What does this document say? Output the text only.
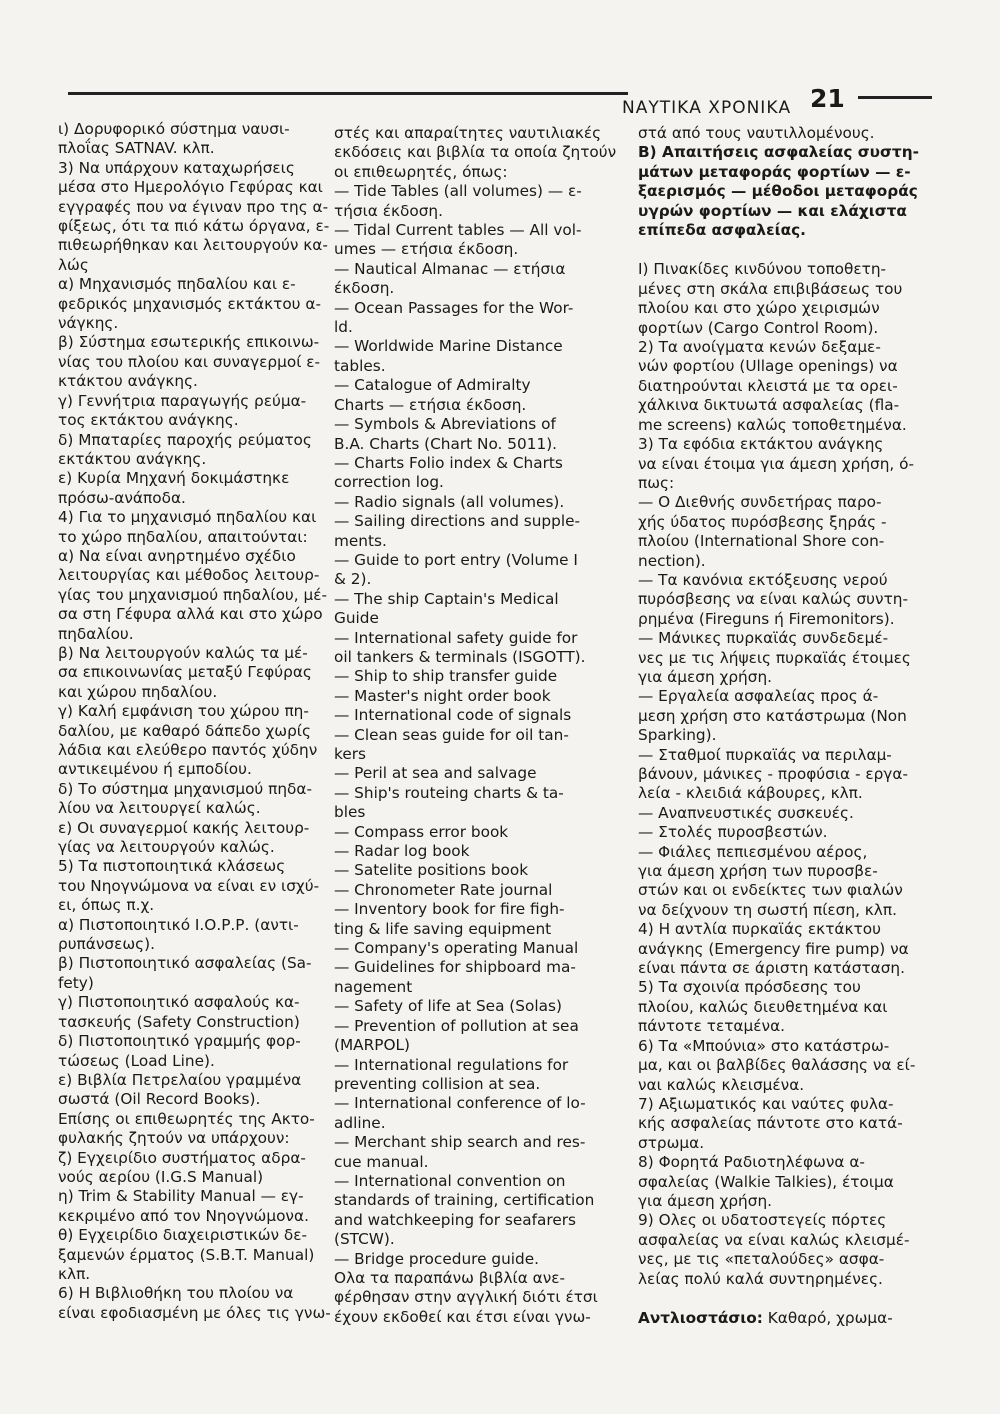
ΝΑΥΤΙΚΑ ΧΡΟΝΙΚΑ 21

ι) Δορυφορικό σύστημα ναυσι-

πλοΐας SATNAV. κλπ.

3) Να υπάρχουν καταχωρήσεις

μέσα στο Ημερολόγιο Γεφύρας και

εγγραφές που να έγιναν προ της α-

φίξεως, ότι τα πιό κάτω όργανα, ε-

πιθεωρήθηκαν και λειτουργούν κα-

λώς

α) Μηχανισμός πηδαλίου και ε-

φεδρικός μηχανισμός εκτάκτου α-

νάγκης.

β) Σύστημα εσωτερικής επικοινω-

νίας του πλοίου και συναγερμοί ε-

κτάκτου ανάγκης.

γ) Γεννήτρια παραγωγής ρεύμα-

τος εκτάκτου ανάγκης.

δ) Μπαταρίες παροχής ρεύματος

εκτάκτου ανάγκης.

ε) Κυρία Μηχανή δοκιμάστηκε

πρόσω-ανάποδα.

4) Για το μηχανισμό πηδαλίου και

το χώρο πηδαλίου, απαιτούνται:

α) Να είναι ανηρτημένο σχέδιο

λειτουργίας και μέθοδος λειτουρ-

γίας του μηχανισμού πηδαλίου, μέ-

σα στη Γέφυρα αλλά και στο χώρο

πηδαλίου.

β) Να λειτουργούν καλώς τα μέ-

σα επικοινωνίας μεταξύ Γεφύρας

και χώρου πηδαλίου.

γ) Καλή εμφάνιση του χώρου πη-

δαλίου, με καθαρό δάπεδο χωρίς

λάδια και ελεύθερο παντός χύδην

αντικειμένου ή εμποδίου.

δ) Το σύστημα μηχανισμού πηδα-

λίου να λειτουργεί καλώς.

ε) Οι συναγερμοί κακής λειτουρ-

γίας να λειτουργούν καλώς.

5) Τα πιστοποιητικά κλάσεως

του Νηογνώμονα να είναι εν ισχύ-

ει, όπως π.χ.

α) Πιστοποιητικό Ι.Ο.Ρ.Ρ. (αντι-

ρυπάνσεως).

β) Πιστοποιητικό ασφαλείας (Sa-

fety)

γ) Πιστοποιητικό ασφαλούς κα-

τασκευής (Safety Construction)

δ) Πιστοποιητικό γραμμής φορ-

τώσεως (Load Line).

ε) Βιβλία Πετρελαίου γραμμένα

σωστά (Oil Record Books).

Επίσης οι επιθεωρητές της Ακτο-

φυλακής ζητούν να υπάρχουν:

ζ) Εγχειρίδιο συστήματος αδρα-

νούς αερίου (I.G.S Manual)

η) Trim & Stability Manual — εγ-

κεκριμένο από τον Νηογνώμονα.

θ) Εγχειρίδιο διαχειριστικών δε-

ξαμενών έρματος (S.B.T. Manual)

κλπ.

6) Η Βιβλιοθήκη του πλοίου να

είναι εφοδιασμένη με όλες τις γνω-

στές και απαραίτητες ναυτιλιακές

εκδόσεις και βιβλία τα οποία ζητούν

οι επιθεωρητές, όπως:

— Tide Tables (all volumes) — ε-

τήσια έκδοση.

— Tidal Current tables — All vol-

umes — ετήσια έκδοση.

— Nautical Almanac — ετήσια

έκδοση.

— Ocean Passages for the Wor-

ld.

— Worldwide Marine Distance

tables.

— Catalogue of Admiralty

Charts — ετήσια έκδοση.

— Symbols & Abreviations of

B.A. Charts (Chart No. 5011).

— Charts Folio index & Charts

correction log.

— Radio signals (all volumes).

— Sailing directions and supple-

ments.

— Guide to port entry (Volume I

& 2).

— The ship Captain's Medical

Guide

— International safety guide for

oil tankers & terminals (ISGOTT).

— Ship to ship transfer guide

— Master's night order book

— International code of signals

— Clean seas guide for oil tan-

kers

— Peril at sea and salvage

— Ship's routeing charts & ta-

bles

— Compass error book

— Radar log book

— Satelite positions book

— Chronometer Rate journal

— Inventory book for fire figh-

ting & life saving equipment

— Company's operating Manual

— Guidelines for shipboard ma-

nagement

— Safety of life at Sea (Solas)

— Prevention of pollution at sea

(MARPOL)

— International regulations for

preventing collision at sea.

— International conference of lo-

adline.

— Merchant ship search and res-

cue manual.

— International convention on

standards of training, certification

and watchkeeping for seafarers

(STCW).

— Bridge procedure guide.

Ολα τα παραπάνω βιβλία ανε-

φέρθησαν στην αγγλική διότι έτσι

έχουν εκδοθεί και έτσι είναι γνω-

στά από τους ναυτιλλομένους.

Β) Απαιτήσεις ασφαλείας συστη-

μάτων μεταφοράς φορτίων — ε-

ξαερισμός — μέθοδοι μεταφοράς

υγρών φορτίων — και ελάχιστα

επίπεδα ασφαλείας.

Ι) Πινακίδες κινδύνου τοποθετη-

μένες στη σκάλα επιβιβάσεως του

πλοίου και στο χώρο χειρισμών

φορτίων (Cargo Control Room).

2) Τα ανοίγματα κενών δεξαμε-

νών φορτίου (Ullage openings) να

διατηρούνται κλειστά με τα ορει-

χάλκινα δικτυωτά ασφαλείας (fla-

me screens) καλώς τοποθετημένα.

3) Τα εφόδια εκτάκτου ανάγκης

να είναι έτοιμα για άμεση χρήση, ό-

πως:

— Ο Διεθνής συνδετήρας παρο-

χής ύδατος πυρόσβεσης ξηράς -

πλοίου (International Shore con-

nection).

— Τα κανόνια εκτόξευσης νερού

πυρόσβεσης να είναι καλώς συντη-

ρημένα (Fireguns ή Firemonitors).

— Μάνικες πυρκαϊάς συνδεδεμέ-

νες με τις λήψεις πυρκαϊάς έτοιμες

για άμεση χρήση.

— Εργαλεία ασφαλείας προς ά-

μεση χρήση στο κατάστρωμα (Non

Sparking).

— Σταθμοί πυρκαϊάς να περιλαμ-

βάνουν, μάνικες - προφύσια - εργα-

λεία - κλειδιά κάβουρες, κλπ.

— Αναπνευστικές συσκευές.

— Στολές πυροσβεστών.

— Φιάλες πεπιεσμένου αέρος,

για άμεση χρήση των πυροσβε-

στών και οι ενδείκτες των φιαλών

να δείχνουν τη σωστή πίεση, κλπ.

4) Η αντλία πυρκαϊάς εκτάκτου

ανάγκης (Emergency fire pump) να

είναι πάντα σε άριστη κατάσταση.

5) Τα σχοινία πρόσδεσης του

πλοίου, καλώς διευθετημένα και

πάντοτε τεταμένα.

6) Τα «Μπούνια» στο κατάστρω-

μα, και οι βαλβίδες θαλάσσης να εί-

ναι καλώς κλεισμένα.

7) Αξιωματικός και ναύτες φυλα-

κής ασφαλείας πάντοτε στο κατά-

στρωμα.

8) Φορητά Ραδιοτηλέφωνα α-

σφαλείας (Walkie Talkies), έτοιμα

για άμεση χρήση.

9) Ολες οι υδατοστεγείς πόρτες

ασφαλείας να είναι καλώς κλεισμέ-

νες, με τις «πεταλούδες» ασφα-

λείας πολύ καλά συντηρημένες.

Αντλιοστάσιο: Καθαρό, χρωμα-
